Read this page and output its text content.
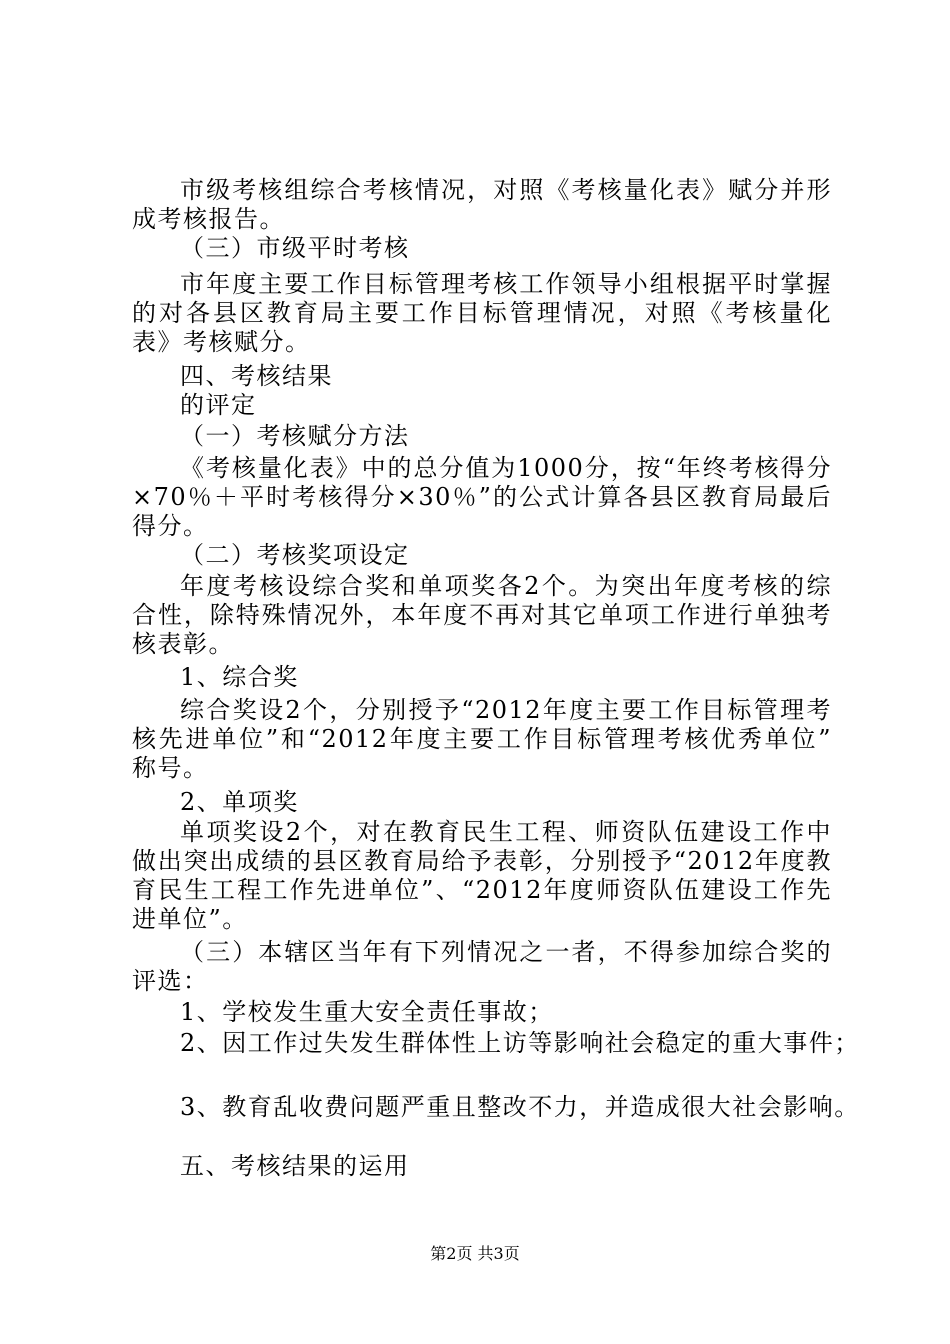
市级考核组综合考核情况，对照《考核量化表》赋分并形
成考核报告。
（三）市级平时考核
市年度主要工作目标管理考核工作领导小组根据平时掌握
的对各县区教育局主要工作目标管理情况，对照《考核量化
表》考核赋分。
四、考核结果
的评定
（一）考核赋分方法
《考核量化表》中的总分值为1000分，按“年终考核得分
×70％＋平时考核得分×30％”的公式计算各县区教育局最后
得分。
（二）考核奖项设定
年度考核设综合奖和单项奖各2个。为突出年度考核的综
合性，除特殊情况外，本年度不再对其它单项工作进行单独考
核表彰。
1、综合奖
综合奖设2个，分别授予“2012年度主要工作目标管理考
核先进单位”和“2012年度主要工作目标管理考核优秀单位”
称号。
2、单项奖
单项奖设2个，对在教育民生工程、师资队伍建设工作中
做出突出成绩的县区教育局给予表彰，分别授予“2012年度教
育民生工程工作先进单位”、“2012年度师资队伍建设工作先
进单位”。
（三）本辖区当年有下列情况之一者，不得参加综合奖的
评选：
1、学校发生重大安全责任事故；
2、因工作过失发生群体性上访等影响社会稳定的重大事件；
3、教育乱收费问题严重且整改不力，并造成很大社会影响。
五、考核结果的运用
第2页 共3页
